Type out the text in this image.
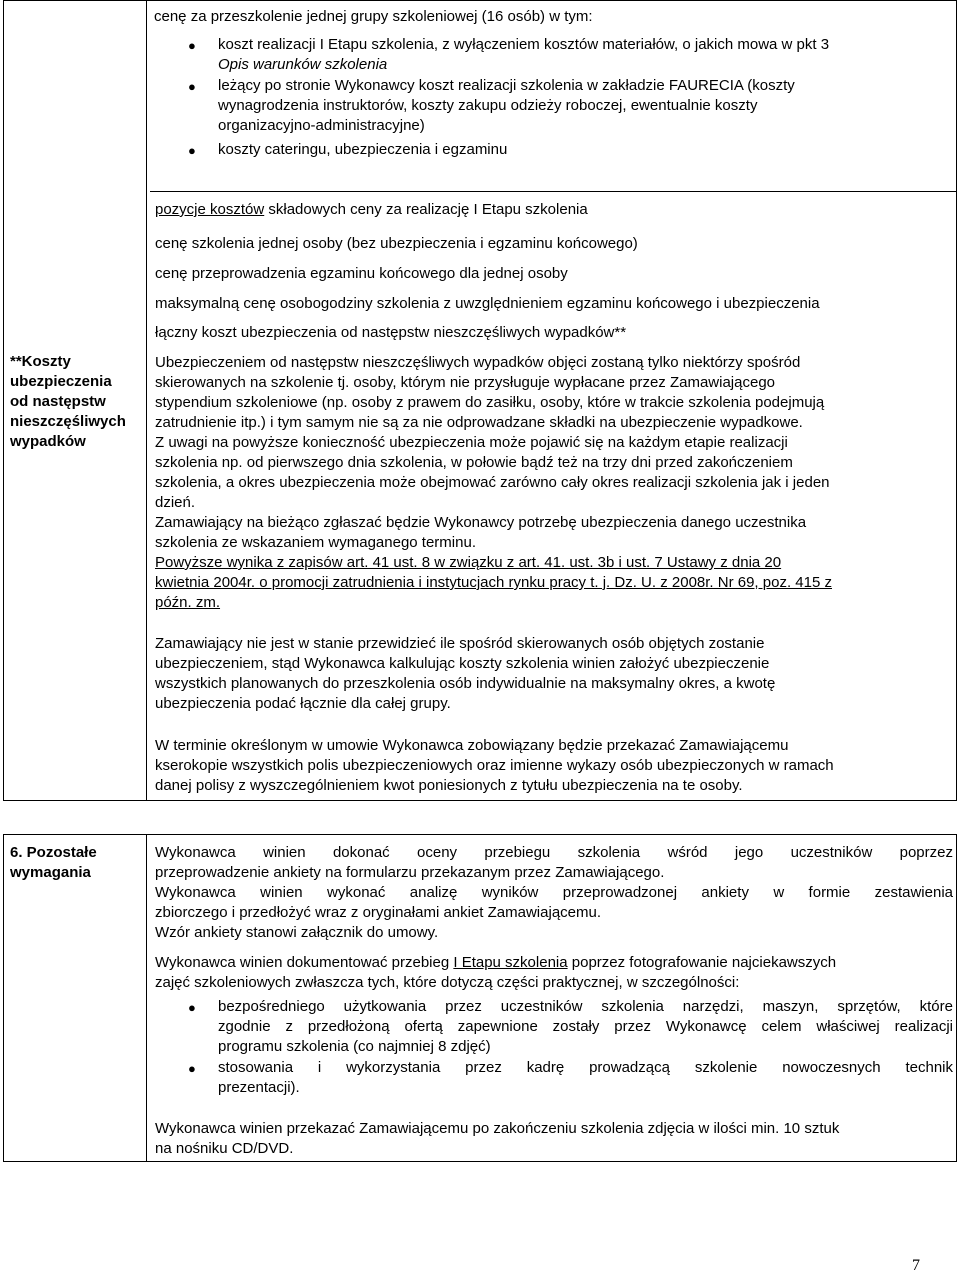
cenę za przeszkolenie jednej grupy szkoleniowej (16 osób) w tym:
● koszt realizacji I Etapu szkolenia, z wyłączeniem kosztów materiałów, o jakich mowa w pkt 3
Opis warunków szkolenia
● leżący po stronie Wykonawcy koszt realizacji szkolenia w zakładzie FAURECIA (koszty
wynagrodzenia instruktorów, koszty zakupu odzieży roboczej, ewentualnie koszty
organizacyjno-administracyjne)
● koszty cateringu, ubezpieczenia i egzaminu
pozycje kosztów składowych ceny za realizację I Etapu szkolenia
cenę szkolenia jednej osoby (bez ubezpieczenia i egzaminu końcowego)
cenę przeprowadzenia egzaminu końcowego dla jednej osoby
maksymalną cenę osobogodziny szkolenia z uwzględnieniem egzaminu końcowego i ubezpieczenia
łączny koszt ubezpieczenia od następstw nieszczęśliwych wypadków**
**Koszty
ubezpieczenia
od następstw
nieszczęśliwych
wypadków
Ubezpieczeniem od następstw nieszczęśliwych wypadków objęci zostaną tylko niektórzy spośród
skierowanych na szkolenie tj. osoby, którym nie przysługuje wypłacane przez Zamawiającego
stypendium szkoleniowe (np. osoby z prawem do zasiłku, osoby, które w trakcie szkolenia podejmują
zatrudnienie itp.) i tym samym nie są za nie odprowadzane składki na ubezpieczenie wypadkowe.
Z uwagi na powyższe konieczność ubezpieczenia może pojawić się na każdym etapie realizacji
szkolenia np. od pierwszego dnia szkolenia, w połowie bądź też na trzy dni przed zakończeniem
szkolenia, a okres ubezpieczenia może obejmować zarówno cały okres realizacji szkolenia jak i jeden
dzień.
Zamawiający na bieżąco zgłaszać będzie Wykonawcy potrzebę ubezpieczenia danego uczestnika
szkolenia ze wskazaniem wymaganego terminu.
Powyższe wynika z zapisów art. 41 ust. 8 w związku z art. 41. ust. 3b i ust. 7 Ustawy z dnia 20
kwietnia 2004r. o promocji zatrudnienia i instytucjach rynku pracy t. j. Dz. U. z 2008r. Nr 69, poz. 415 z
późn. zm.
Zamawiający nie jest w stanie przewidzieć ile spośród skierowanych osób objętych zostanie
ubezpieczeniem, stąd Wykonawca kalkulując koszty szkolenia winien założyć ubezpieczenie
wszystkich planowanych do przeszkolenia osób indywidualnie na maksymalny okres, a kwotę
ubezpieczenia podać łącznie dla całej grupy.
W terminie określonym w umowie Wykonawca zobowiązany będzie przekazać Zamawiającemu
kserokopie wszystkich polis ubezpieczeniowych oraz imienne wykazy osób ubezpieczonych w ramach
danej polisy z wyszczególnieniem kwot poniesionych z tytułu ubezpieczenia na te osoby.
6. Pozostałe
wymagania
Wykonawca winien dokonać oceny przebiegu szkolenia wśród jego uczestników poprzez
przeprowadzenie ankiety na formularzu przekazanym przez Zamawiającego.
Wykonawca winien wykonać analizę wyników przeprowadzonej ankiety w formie zestawienia
zbiorczego i przedłożyć wraz z oryginałami ankiet Zamawiającemu.
Wzór ankiety stanowi załącznik do umowy.
Wykonawca winien dokumentować przebieg I Etapu szkolenia poprzez fotografowanie najciekawszych
zajęć szkoleniowych zwłaszcza tych, które dotyczą części praktycznej, w szczególności:
● bezpośredniego użytkowania przez uczestników szkolenia narzędzi, maszyn, sprzętów, które
zgodnie z przedłożoną ofertą zapewnione zostały przez Wykonawcę celem właściwej realizacji
programu szkolenia (co najmniej 8 zdjęć)
● stosowania i wykorzystania przez kadrę prowadzącą szkolenie nowoczesnych technik
prezentacji).
Wykonawca winien przekazać Zamawiającemu po zakończeniu szkolenia zdjęcia w ilości min. 10 sztuk
na nośniku CD/DVD.
7
